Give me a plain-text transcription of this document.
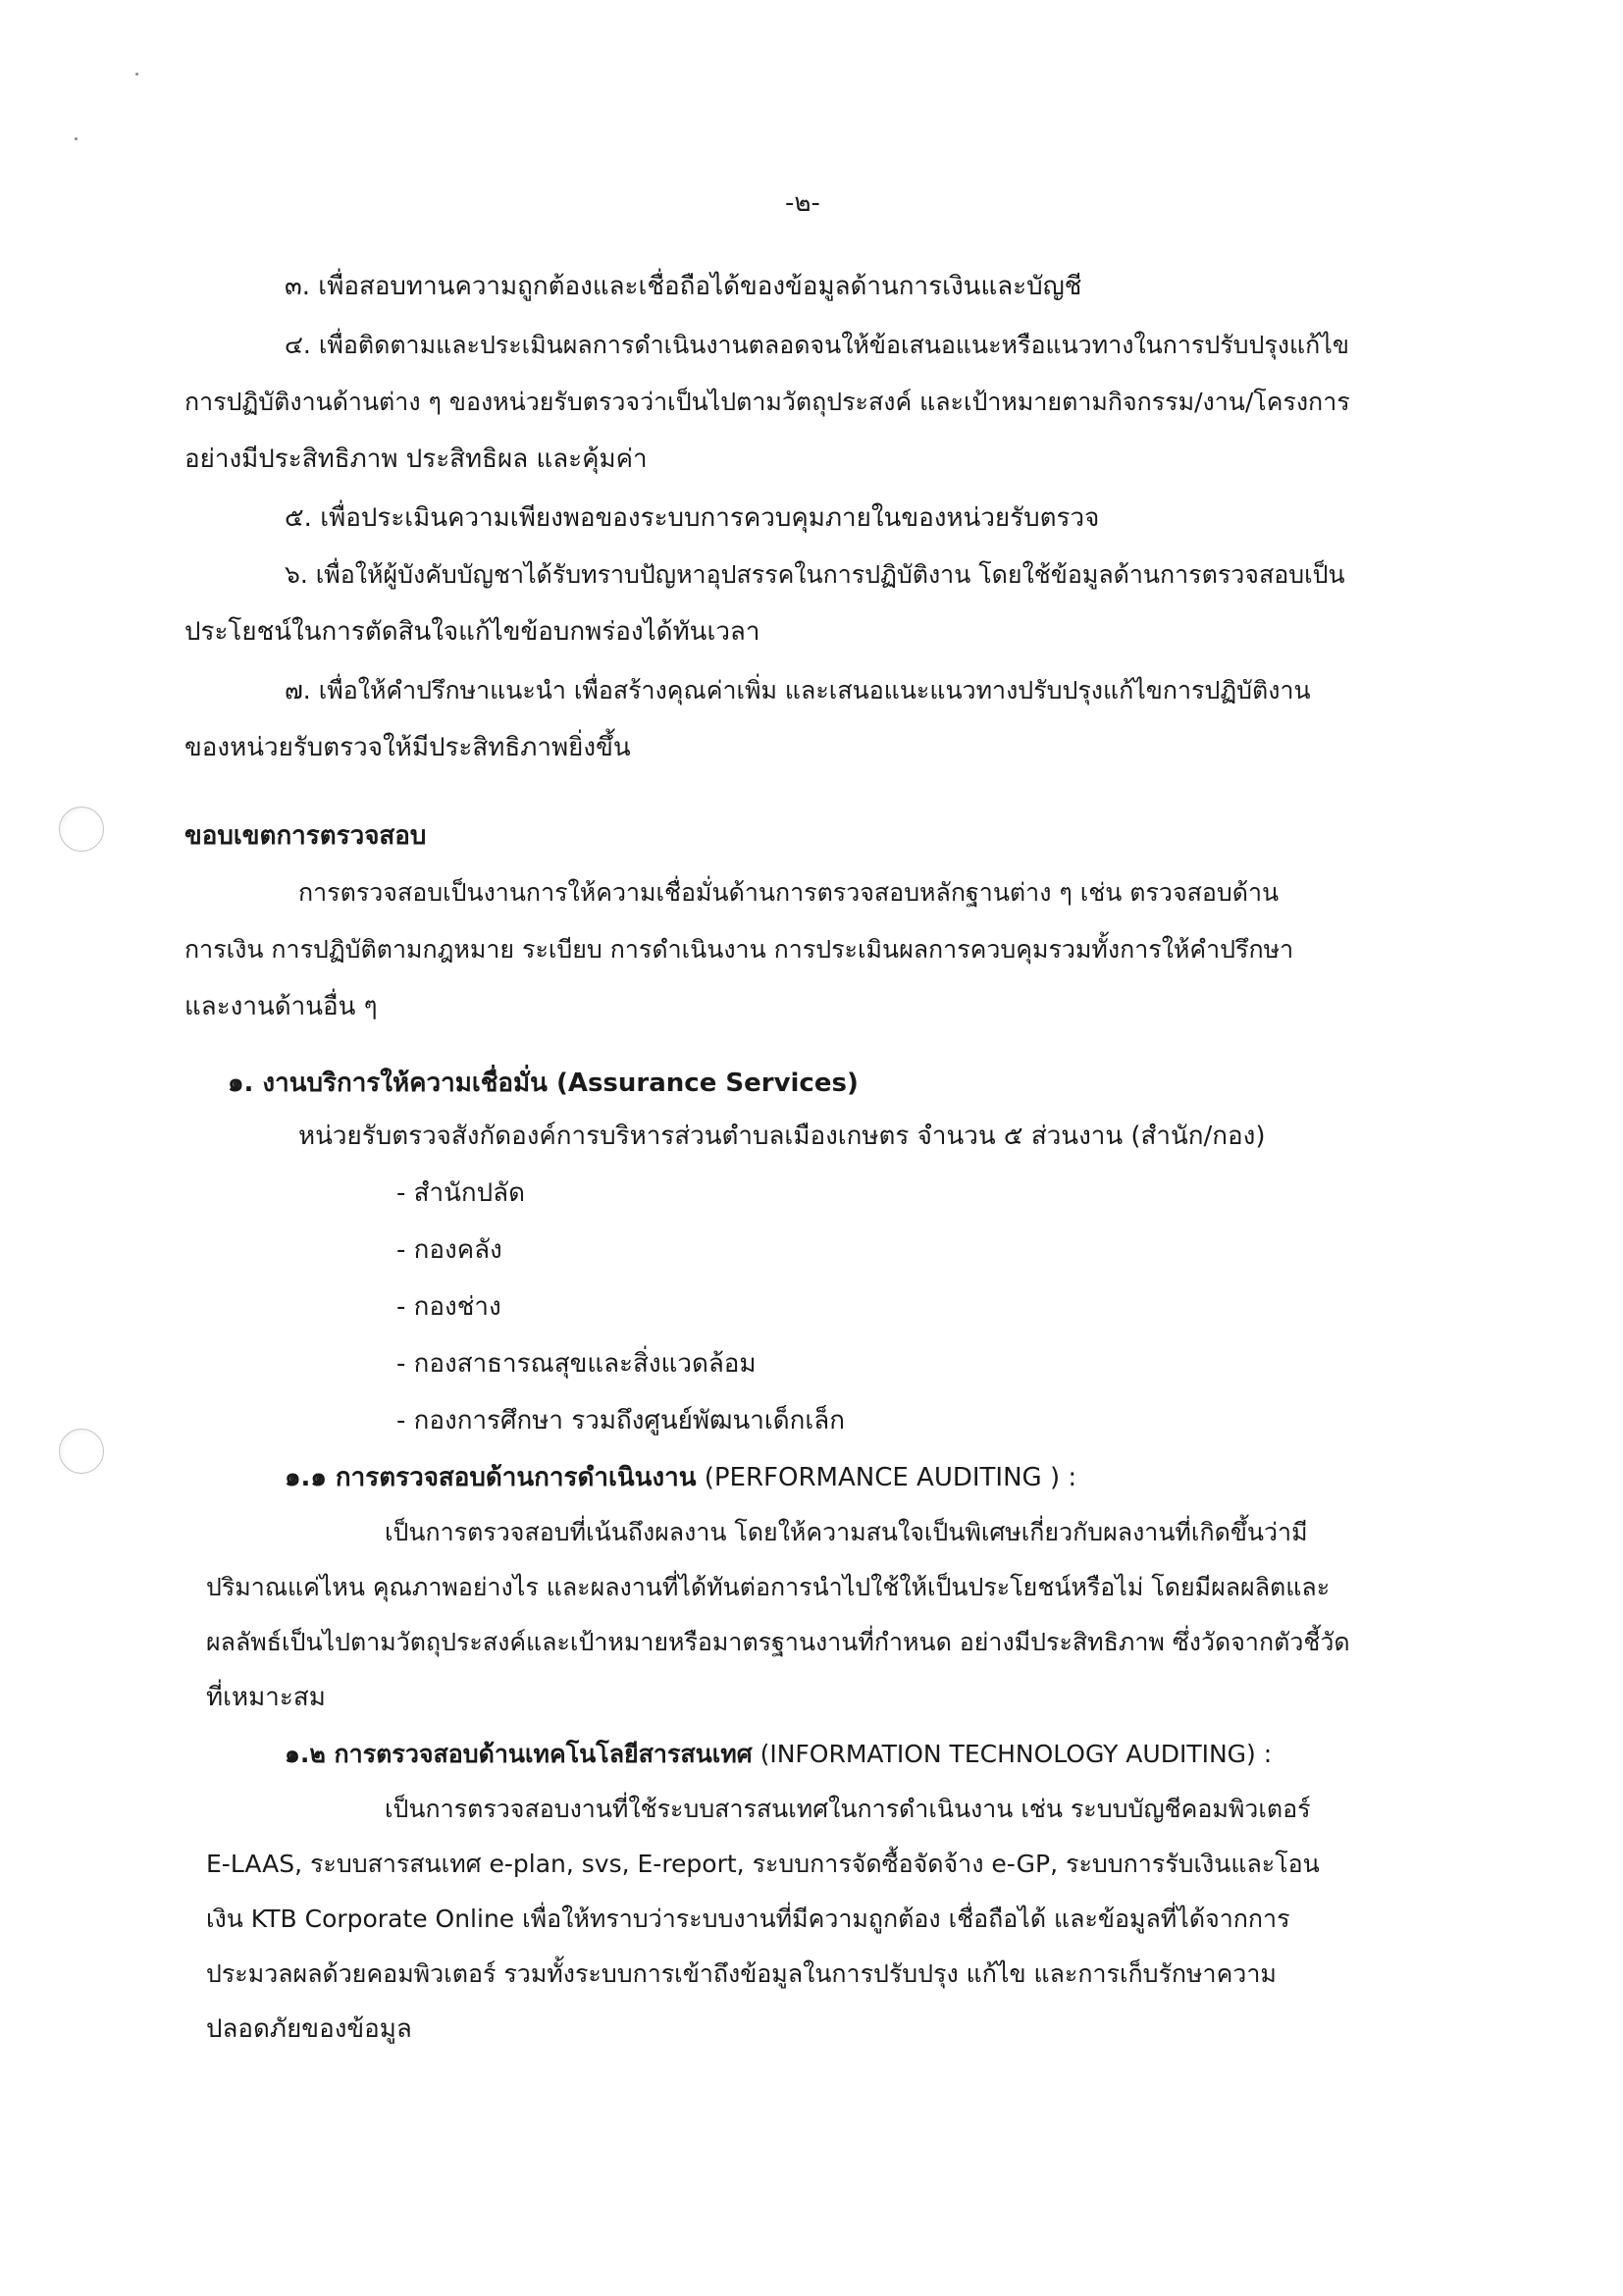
-๒-
๓. เพื่อสอบทานความถูกต้องและเชื่อถือได้ของข้อมูลด้านการเงินและบัญชี
๔. เพื่อติดตามและประเมินผลการดำเนินงานตลอดจนให้ข้อเสนอแนะหรือแนวทางในการปรับปรุงแก้ไข
การปฏิบัติงานด้านต่าง ๆ ของหน่วยรับตรวจว่าเป็นไปตามวัตถุประสงค์ และเป้าหมายตามกิจกรรม/งาน/โครงการ
อย่างมีประสิทธิภาพ ประสิทธิผล และคุ้มค่า
๕. เพื่อประเมินความเพียงพอของระบบการควบคุมภายในของหน่วยรับตรวจ
๖. เพื่อให้ผู้บังคับบัญชาได้รับทราบปัญหาอุปสรรคในการปฏิบัติงาน โดยใช้ข้อมูลด้านการตรวจสอบเป็น
ประโยชน์ในการตัดสินใจแก้ไขข้อบกพร่องได้ทันเวลา
๗. เพื่อให้คำปรึกษาแนะนำ เพื่อสร้างคุณค่าเพิ่ม และเสนอแนะแนวทางปรับปรุงแก้ไขการปฏิบัติงาน
ของหน่วยรับตรวจให้มีประสิทธิภาพยิ่งขึ้น
ขอบเขตการตรวจสอบ
การตรวจสอบเป็นงานการให้ความเชื่อมั่นด้านการตรวจสอบหลักฐานต่าง ๆ เช่น ตรวจสอบด้าน
การเงิน การปฏิบัติตามกฎหมาย ระเบียบ การดำเนินงาน การประเมินผลการควบคุมรวมทั้งการให้คำปรึกษา
และงานด้านอื่น ๆ
๑. งานบริการให้ความเชื่อมั่น (Assurance Services)
หน่วยรับตรวจสังกัดองค์การบริหารส่วนตำบลเมืองเกษตร จำนวน ๕ ส่วนงาน (สำนัก/กอง)
- สำนักปลัด
- กองคลัง
- กองช่าง
- กองสาธารณสุขและสิ่งแวดล้อม
- กองการศึกษา รวมถึงศูนย์พัฒนาเด็กเล็ก
๑.๑ การตรวจสอบด้านการดำเนินงาน (PERFORMANCE AUDITING ) :
เป็นการตรวจสอบที่เน้นถึงผลงาน โดยให้ความสนใจเป็นพิเศษเกี่ยวกับผลงานที่เกิดขึ้นว่ามี
ปริมาณแค่ไหน คุณภาพอย่างไร และผลงานที่ได้ทันต่อการนำไปใช้ให้เป็นประโยชน์หรือไม่ โดยมีผลผลิตและ
ผลลัพธ์เป็นไปตามวัตถุประสงค์และเป้าหมายหรือมาตรฐานงานที่กำหนด อย่างมีประสิทธิภาพ ซึ่งวัดจากตัวชี้วัด
ที่เหมาะสม
๑.๒ การตรวจสอบด้านเทคโนโลยีสารสนเทศ (INFORMATION TECHNOLOGY AUDITING) :
เป็นการตรวจสอบงานที่ใช้ระบบสารสนเทศในการดำเนินงาน เช่น ระบบบัญชีคอมพิวเตอร์
E-LAAS, ระบบสารสนเทศ e-plan, svs, E-report, ระบบการจัดซื้อจัดจ้าง e-GP, ระบบการรับเงินและโอน
เงิน KTB Corporate Online เพื่อให้ทราบว่าระบบงานที่มีความถูกต้อง เชื่อถือได้ และข้อมูลที่ได้จากการ
ประมวลผลด้วยคอมพิวเตอร์ รวมทั้งระบบการเข้าถึงข้อมูลในการปรับปรุง แก้ไข และการเก็บรักษาความ
ปลอดภัยของข้อมูล
